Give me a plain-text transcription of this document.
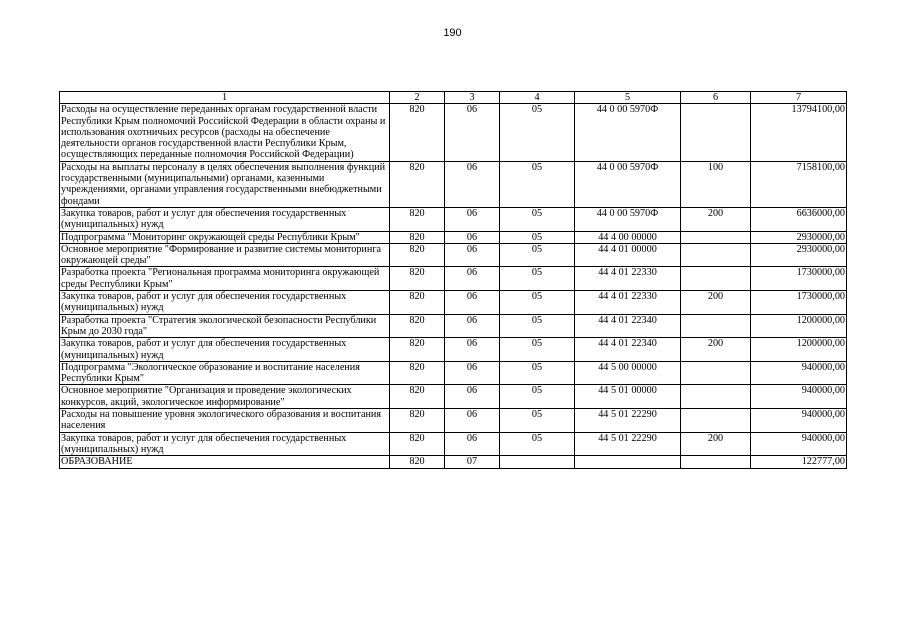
190
1	2	3	4	5	6	7
Расходы на осуществление переданных органам государственной власти Республики Крым полномочий Российской Федерации в области охраны и использования охотничьих ресурсов (расходы на обеспечение деятельности органов государственной власти Республики Крым, осуществляющих переданные полномочия Российской Федерации)	820	06	05	44 0 00 5970Ф		13794100,00
Расходы на выплаты персоналу в целях обеспечения выполнения функций государственными (муниципальными) органами, казенными учреждениями, органами управления государственными внебюджетными фондами	820	06	05	44 0 00 5970Ф	100	7158100,00
Закупка товаров, работ и услуг для обеспечения государственных (муниципальных) нужд	820	06	05	44 0 00 5970Ф	200	6636000,00
Подпрограмма "Мониторинг окружающей среды Республики Крым"	820	06	05	44 4 00 00000		2930000,00
Основное мероприятие "Формирование и развитие системы мониторинга окружающей среды"	820	06	05	44 4 01 00000		2930000,00
Разработка проекта "Региональная программа мониторинга окружающей среды Республики Крым"	820	06	05	44 4 01 22330		1730000,00
Закупка товаров, работ и услуг для обеспечения государственных (муниципальных) нужд	820	06	05	44 4 01 22330	200	1730000,00
Разработка проекта "Стратегия экологической безопасности Республики Крым до 2030 года"	820	06	05	44 4 01 22340		1200000,00
Закупка товаров, работ и услуг для обеспечения государственных (муниципальных) нужд	820	06	05	44 4 01 22340	200	1200000,00
Подпрограмма "Экологическое образование и воспитание населения Республики Крым"	820	06	05	44 5 00 00000		940000,00
Основное мероприятие "Организация и проведение экологических конкурсов, акций, экологическое информирование"	820	06	05	44 5 01 00000		940000,00
Расходы на повышение уровня экологического образования и воспитания населения	820	06	05	44 5 01 22290		940000,00
Закупка товаров, работ и услуг для обеспечения государственных (муниципальных) нужд	820	06	05	44 5 01 22290	200	940000,00
ОБРАЗОВАНИЕ	820	07				122777,00
